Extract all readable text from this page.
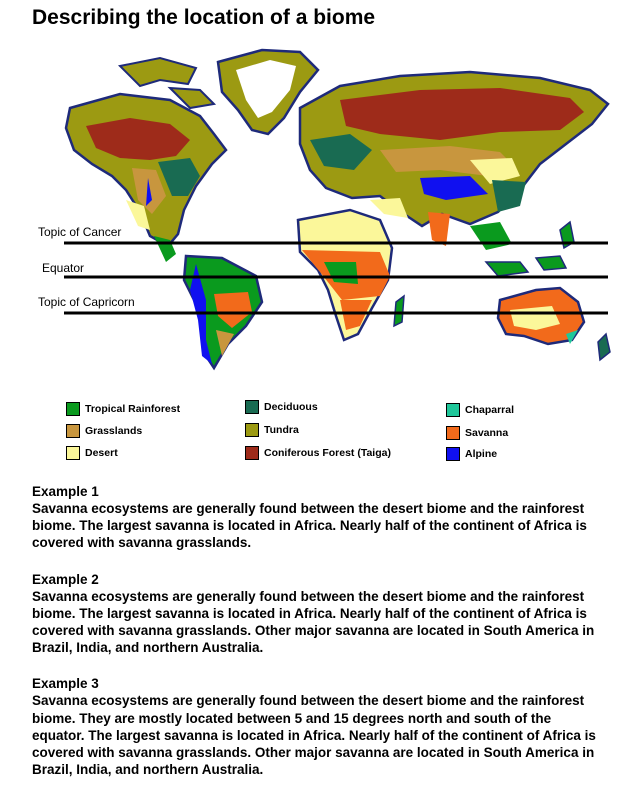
Describing the location of a biome
Topic of Cancer
Equator
Topic of Capricorn
Tropical Rainforest
Grasslands
Desert
Deciduous
Tundra
Coniferous Forest (Taiga)
Chaparral
Savanna
Alpine

Example 1

Savanna ecosystems are generally found between the desert biome and the rainforest biome. The largest savanna is located in Africa. Nearly half of the continent of Africa is covered with savanna grasslands.

Example 2

Savanna ecosystems are generally found between the desert biome and the rainforest biome. The largest savanna is located in Africa. Nearly half of the continent of Africa is covered with savanna grasslands. Other major savanna are located in South America in Brazil, India, and northern Australia.

Example 3

Savanna ecosystems are generally found between the desert biome and the rainforest biome. They are mostly located between 5 and 15 degrees north and south of the equator. The largest savanna is located in Africa. Nearly half of the continent of Africa is covered with savanna grasslands. Other major savanna are located in South America in Brazil, India, and northern Australia.
